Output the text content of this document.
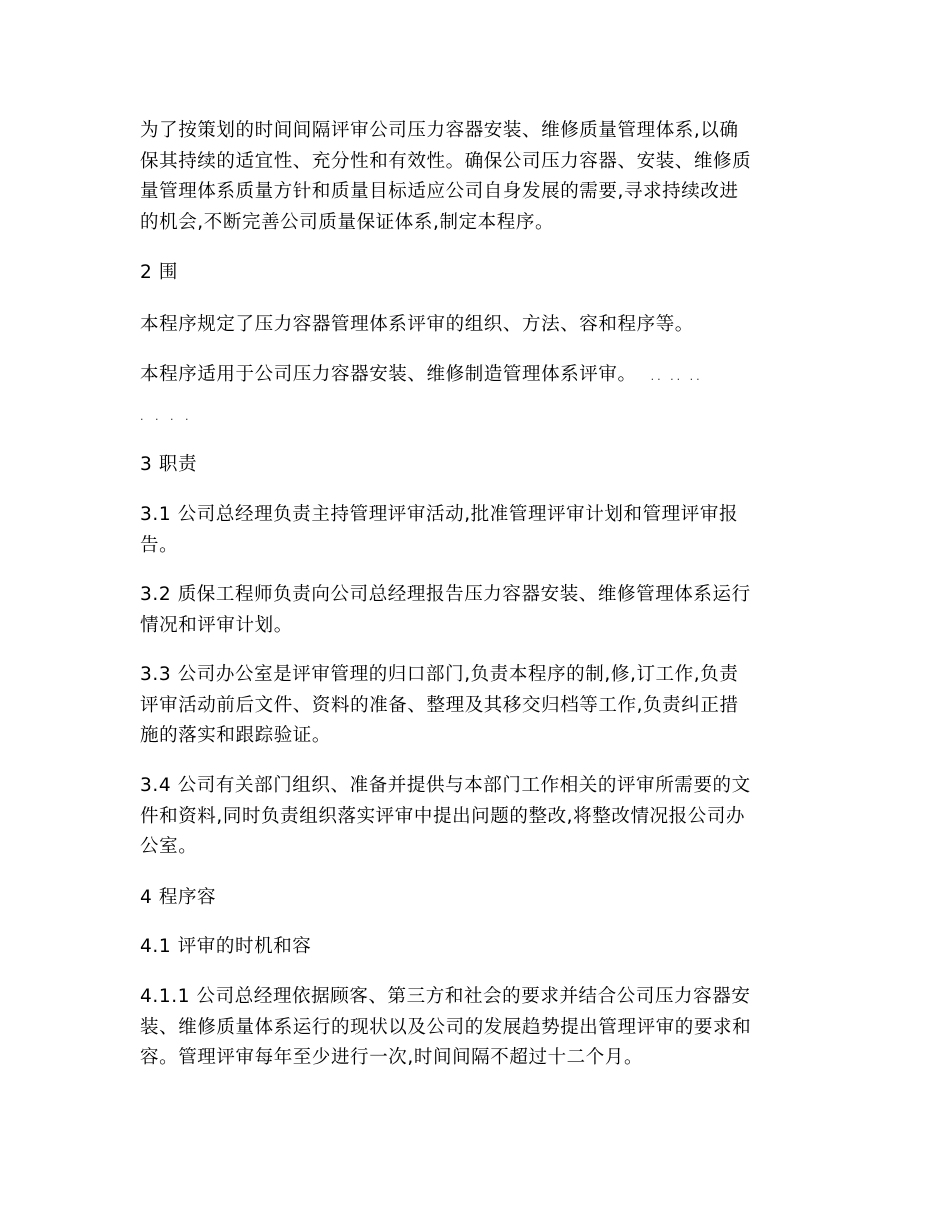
为了按策划的时间间隔评审公司压力容器安装、维修质量管理体系,以确
保其持续的适宜性、充分性和有效性。确保公司压力容器、安装、维修质
量管理体系质量方针和质量目标适应公司自身发展的需要,寻求持续改进
的机会,不断完善公司质量保证体系,制定本程序。
2 围
本程序规定了压力容器管理体系评审的组织、方法、容和程序等。
本程序适用于公司压力容器安装、维修制造管理体系评审。 .. .. ..
. . . .
3 职责
3.1 公司总经理负责主持管理评审活动,批准管理评审计划和管理评审报
告。
3.2 质保工程师负责向公司总经理报告压力容器安装、维修管理体系运行
情况和评审计划。
3.3 公司办公室是评审管理的归口部门,负责本程序的制,修,订工作,负责
评审活动前后文件、资料的准备、整理及其移交归档等工作,负责纠正措
施的落实和跟踪验证。
3.4 公司有关部门组织、准备并提供与本部门工作相关的评审所需要的文
件和资料,同时负责组织落实评审中提出问题的整改,将整改情况报公司办
公室。
4 程序容
4.1 评审的时机和容
4.1.1 公司总经理依据顾客、第三方和社会的要求并结合公司压力容器安
装、维修质量体系运行的现状以及公司的发展趋势提出管理评审的要求和
容。管理评审每年至少进行一次,时间间隔不超过十二个月。
